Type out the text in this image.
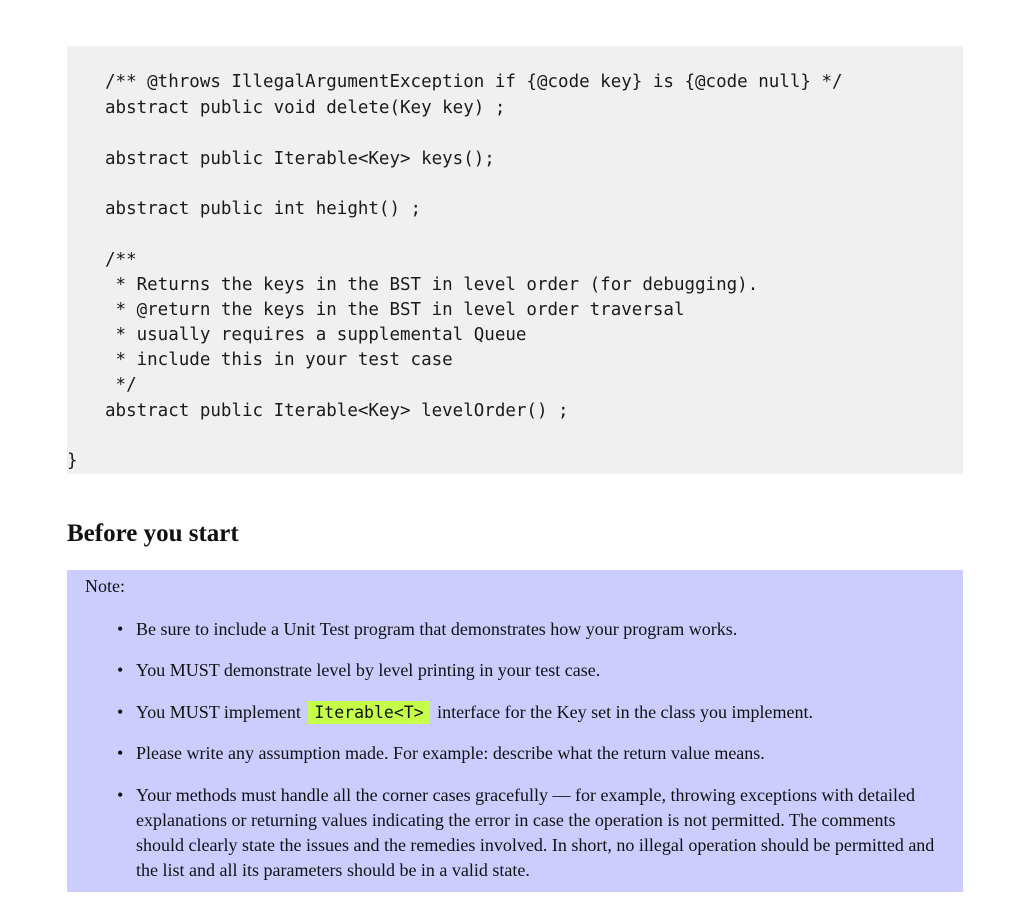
/** @throws IllegalArgumentException if {@code key} is {@code null} */
abstract public void delete(Key key) ;
abstract public Iterable<Key> keys();
abstract public int height() ;
/**
* Returns the keys in the BST in level order (for debugging).
* @return the keys in the BST in level order traversal
* usually requires a supplemental Queue
* include this in your test case
*/
abstract public Iterable<Key> levelOrder() ;
}
Before you start
Note:
• Be sure to include a Unit Test program that demonstrates how your program works.
• You MUST demonstrate level by level printing in your test case.
• You MUST implement Iterable<T> interface for the Key set in the class you implement.
• Please write any assumption made. For example: describe what the return value means.
• Your methods must handle all the corner cases gracefully — for example, throwing exceptions with detailed explanations or returning values indicating the error in case the operation is not permitted. The comments should clearly state the issues and the remedies involved. In short, no illegal operation should be permitted and the list and all its parameters should be in a valid state.
